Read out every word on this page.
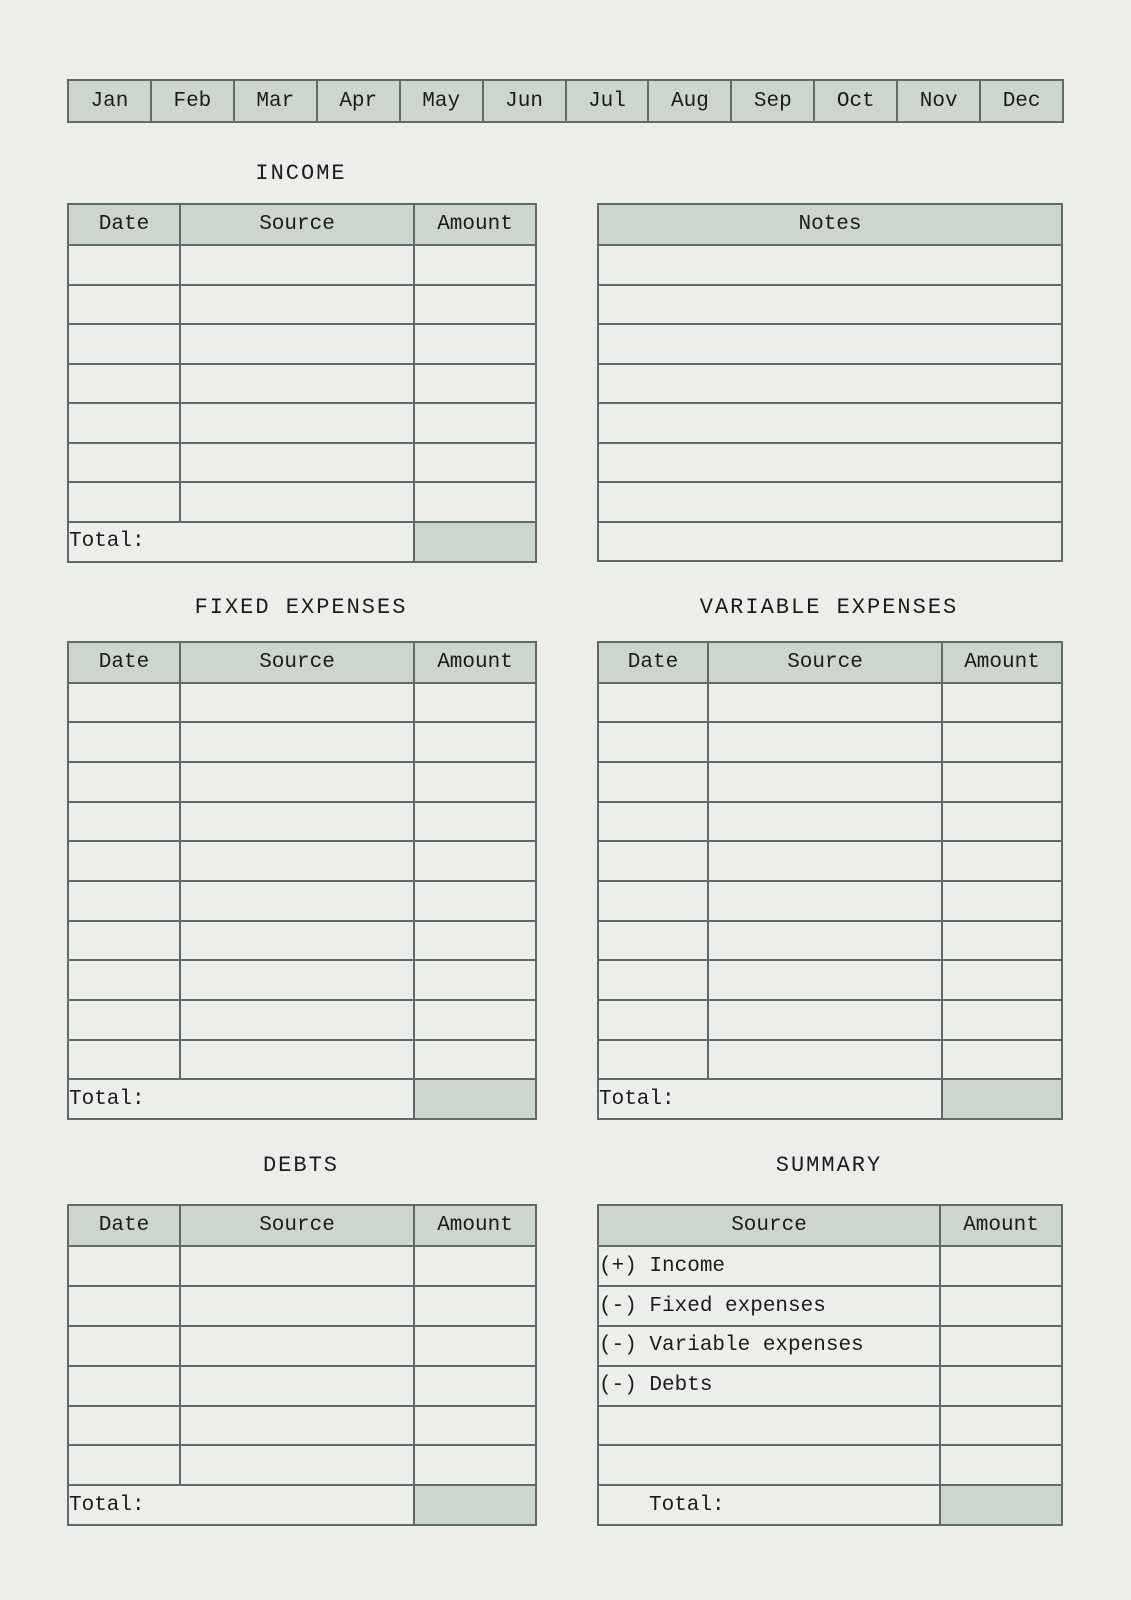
Jan	Feb	Mar	Apr	May	Jun	Jul	Aug	Sep	Oct	Nov	Dec
INCOME
Date	Source	Amount

Total:		
Notes

FIXED EXPENSES
Date	Source	Amount

Total:		
VARIABLE EXPENSES
Date	Source	Amount

Total:		
DEBTS
Date	Source	Amount

Total:		
SUMMARY
Source	Amount
(+) Income	
(-) Fixed expenses	
(-) Variable expenses	
(-) Debts	

Total:	
